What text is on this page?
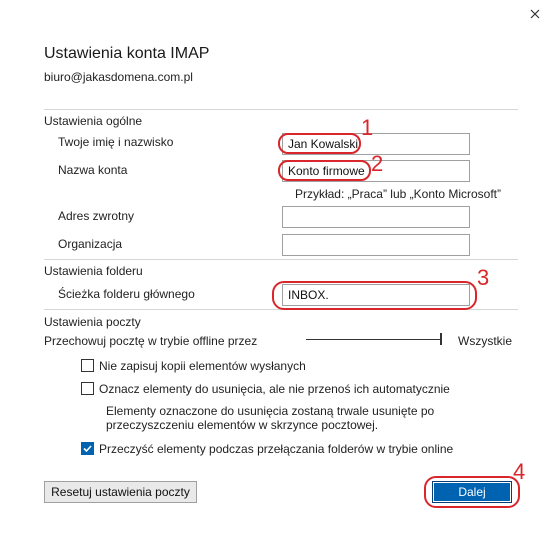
Ustawienia konta IMAP
biuro@jakasdomena.com.pl
Ustawienia ogólne
Twoje imię i nazwisko
Jan Kowalski
Nazwa konta
Konto firmowe
Przykład: „Praca” lub „Konto Microsoft”
Adres zwrotny
Organizacja
Ustawienia folderu
Ścieżka folderu głównego
INBOX.
Ustawienia poczty
Przechowuj pocztę w trybie offline przez	Wszystkie
Nie zapisuj kopii elementów wysłanych
Oznacz elementy do usunięcia, ale nie przenoś ich automatycznie
Elementy oznaczone do usunięcia zostaną trwale usunięte po
przeczyszczeniu elementów w skrzynce pocztowej.
Przeczyść elementy podczas przełączania folderów w trybie online
Resetuj ustawienia poczty	Dalej
1
2
3
4
